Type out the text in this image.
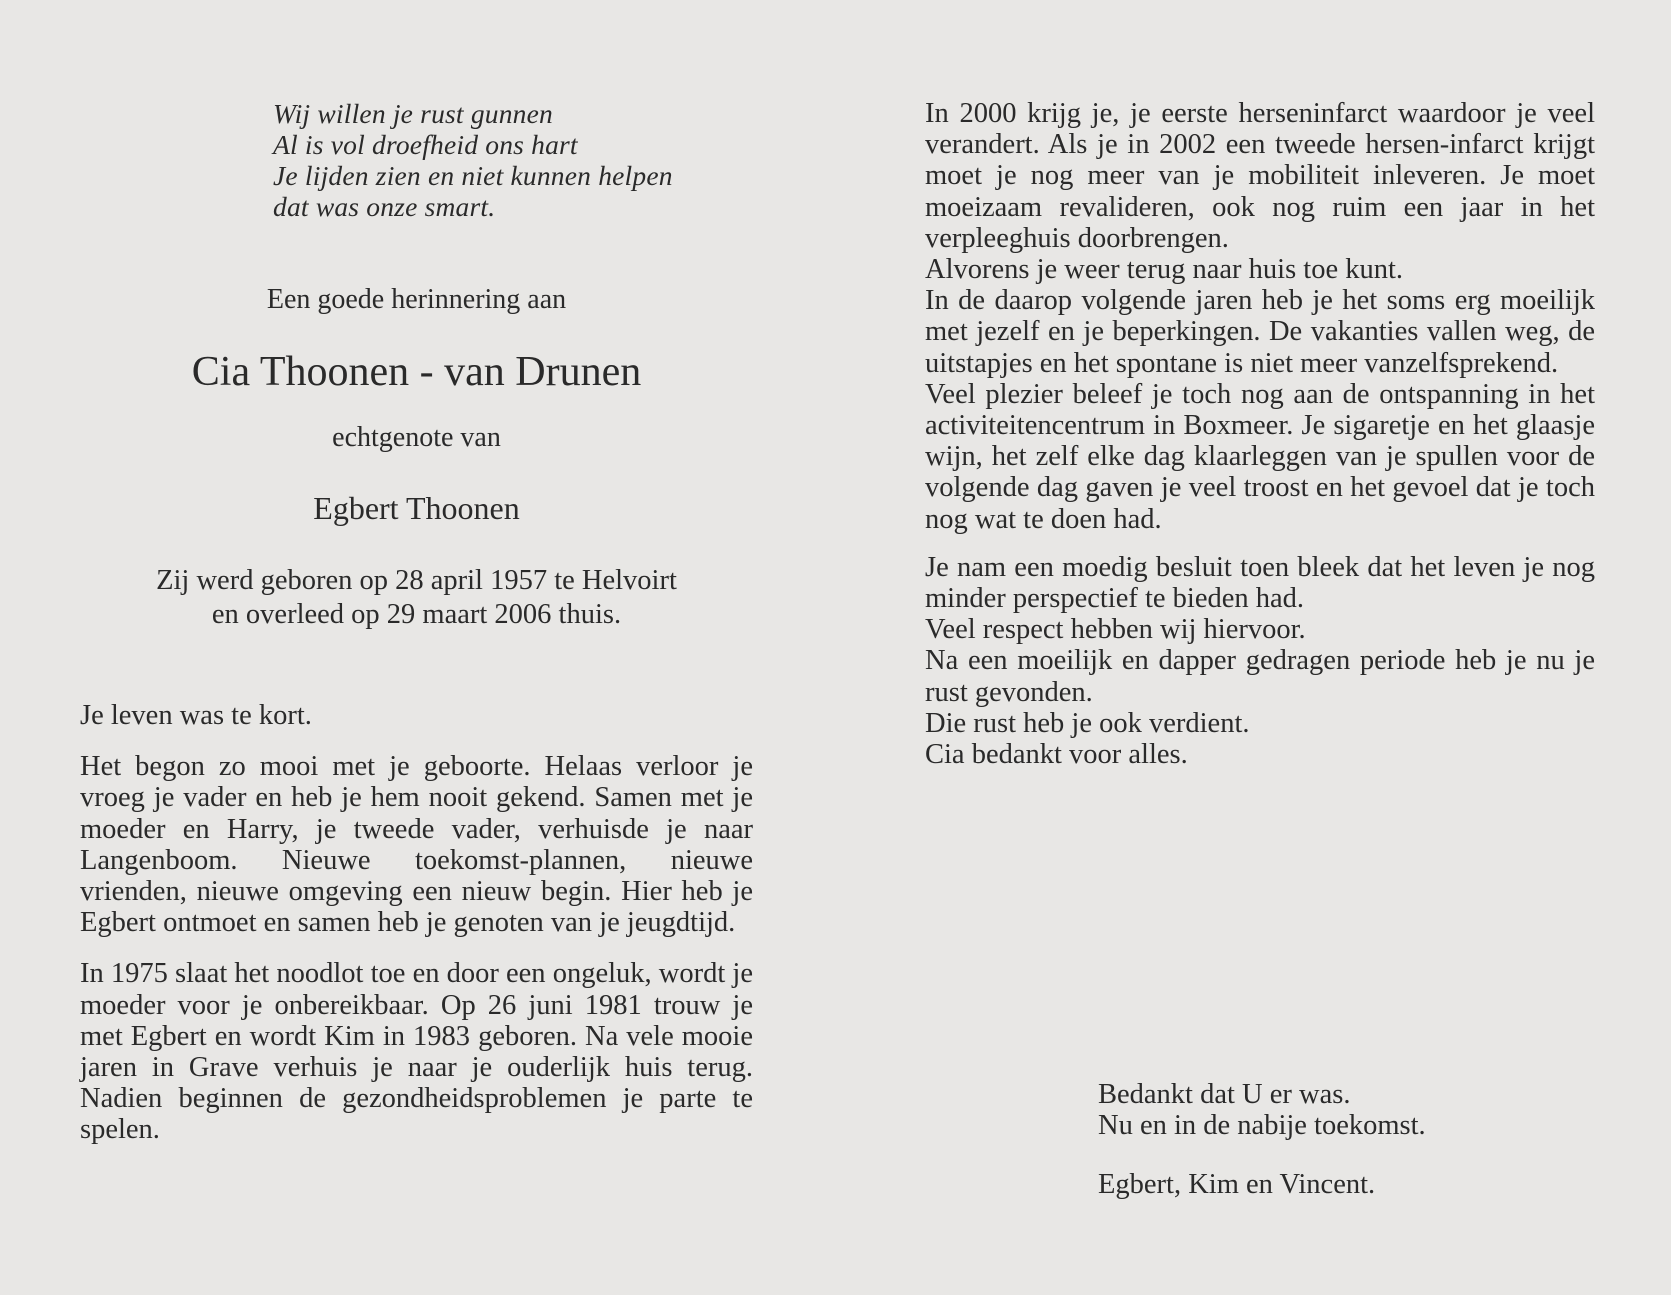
Wij willen je rust gunnen
Al is vol droefheid ons hart
Je lijden zien en niet kunnen helpen
dat was onze smart.
Een goede herinnering aan
Cia Thoonen - van Drunen
echtgenote van
Egbert Thoonen
Zij werd geboren op 28 april 1957 te Helvoirt
en overleed op 29 maart 2006 thuis.

Je leven was te kort.

Het begon zo mooi met je geboorte. Helaas verloor je vroeg je vader en heb je hem nooit gekend. Samen met je moeder en Harry, je tweede vader, verhuisde je naar Langenboom. Nieuwe toekomst-plannen, nieuwe vrienden, nieuwe omgeving een nieuw begin. Hier heb je Egbert ontmoet en samen heb je genoten van je jeugdtijd.

In 1975 slaat het noodlot toe en door een ongeluk, wordt je moeder voor je onbereikbaar. Op 26 juni 1981 trouw je met Egbert en wordt Kim in 1983 geboren. Na vele mooie jaren in Grave verhuis je naar je ouderlijk huis terug. Nadien beginnen de gezondheidsproblemen je parte te spelen.

In 2000 krijg je, je eerste herseninfarct waardoor je veel verandert. Als je in 2002 een tweede hersen-infarct krijgt moet je nog meer van je mobiliteit inleveren. Je moet moeizaam revalideren, ook nog ruim een jaar in het verpleeghuis doorbrengen.

Alvorens je weer terug naar huis toe kunt.

In de daarop volgende jaren heb je het soms erg moeilijk met jezelf en je beperkingen. De vakanties vallen weg, de uitstapjes en het spontane is niet meer vanzelfsprekend.

Veel plezier beleef je toch nog aan de ontspanning in het activiteitencentrum in Boxmeer. Je sigaretje en het glaasje wijn, het zelf elke dag klaarleggen van je spullen voor de volgende dag gaven je veel troost en het gevoel dat je toch nog wat te doen had.

Je nam een moedig besluit toen bleek dat het leven je nog minder perspectief te bieden had.

Veel respect hebben wij hiervoor.

Na een moeilijk en dapper gedragen periode heb je nu je rust gevonden.

Die rust heb je ook verdient.
Cia bedankt voor alles.
Bedankt dat U er was.
Nu en in de nabije toekomst.
Egbert, Kim en Vincent.
